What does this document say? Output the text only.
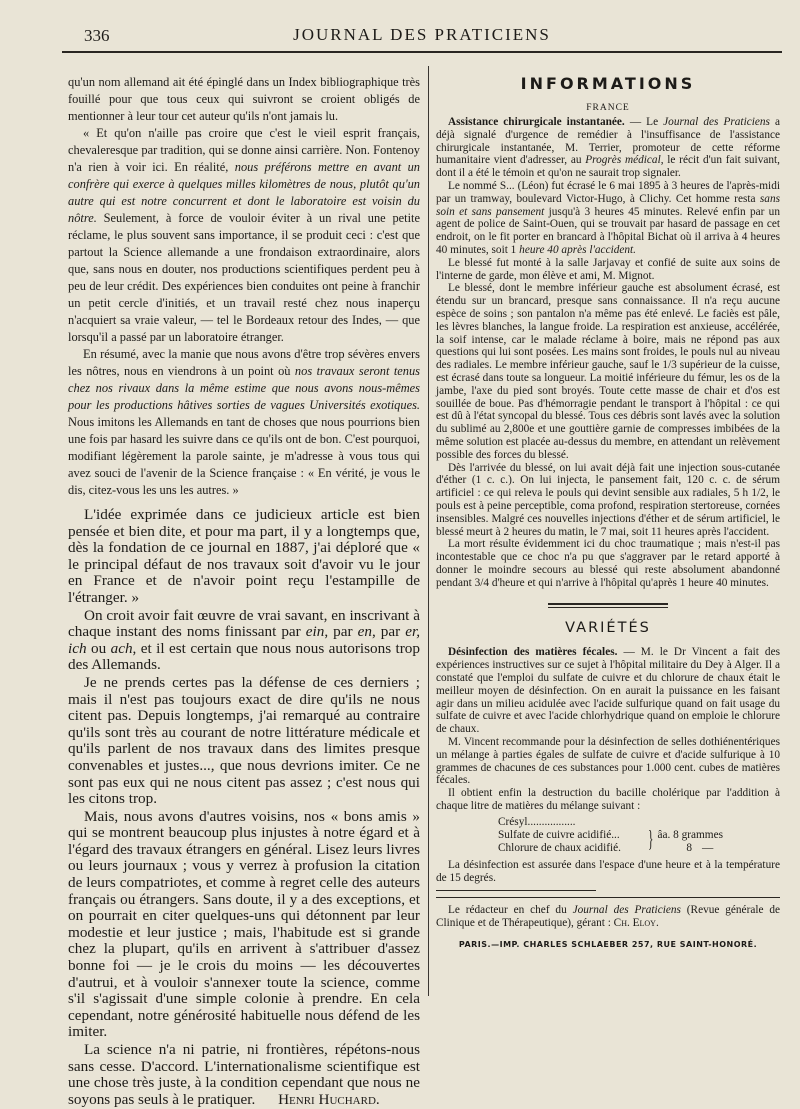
336	JOURNAL DES PRATICIENS

qu'un nom allemand ait été épinglé dans un Index bibliographique très fouillé pour que tous ceux qui suivront se croient obligés de mentionner à leur tour cet auteur qu'ils n'ont jamais lu.

« Et qu'on n'aille pas croire que c'est le vieil esprit français, chevaleresque par tradition, qui se donne ainsi carrière. Non. Fontenoy n'a rien à voir ici. En réalité, nous préférons mettre en avant un confrère qui exerce à quelques milles kilomètres de nous, plutôt qu'un autre qui est notre concurrent et dont le laboratoire est voisin du nôtre. Seulement, à force de vouloir éviter à un rival une petite réclame, le plus souvent sans importance, il se produit ceci : c'est que partout la Science allemande a une frondaison extraordinaire, alors que, sans nous en douter, nos productions scientifiques perdent peu à peu de leur crédit. Des expériences bien conduites ont peine à franchir un petit cercle d'initiés, et un travail resté chez nous inaperçu n'acquiert sa vraie valeur, — tel le Bordeaux retour des Indes, — que lorsqu'il a passé par un laboratoire étranger.

En résumé, avec la manie que nous avons d'être trop sévères envers les nôtres, nous en viendrons à un point où nos travaux seront tenus chez nos rivaux dans la même estime que nous avons nous-mêmes pour les productions hâtives sorties de vagues Universités exotiques. Nous imitons les Allemands en tant de choses que nous pourrions bien une fois par hasard les suivre dans ce qu'ils ont de bon. C'est pourquoi, modifiant légèrement la parole sainte, je m'adresse à vous tous qui avez souci de l'avenir de la Science française : « En vérité, je vous le dis, citez-vous les uns les autres. »

L'idée exprimée dans ce judicieux article est bien pensée et bien dite, et pour ma part, il y a longtemps que, dès la fondation de ce journal en 1887, j'ai déploré que « le principal défaut de nos travaux soit d'avoir vu le jour en France et de n'avoir point reçu l'estampille de l'étranger. »

On croit avoir fait œuvre de vrai savant, en inscrivant à chaque instant des noms finissant par ein, par en, par er, ich ou ach, et il est certain que nous nous autorisons trop des Allemands.

Je ne prends certes pas la défense de ces derniers ; mais il n'est pas toujours exact de dire qu'ils ne nous citent pas. Depuis longtemps, j'ai remarqué au contraire qu'ils sont très au courant de notre littérature médicale et qu'ils parlent de nos travaux dans des limites presque convenables et justes..., que nous devrions imiter. Ce ne sont pas eux qui ne nous citent pas assez ; c'est nous qui les citons trop.

Mais, nous avons d'autres voisins, nos « bons amis » qui se montrent beaucoup plus injustes à notre égard et à l'égard des travaux étrangers en général. Lisez leurs livres ou leurs journaux ; vous y verrez à profusion la citation de leurs compatriotes, et comme à regret celle des auteurs français ou étrangers. Sans doute, il y a des exceptions, et on pourrait en citer quelques-uns qui détonnent par leur modestie et leur justice ; mais, l'habitude est si grande chez la plupart, qu'ils en arrivent à s'attribuer d'assez bonne foi — je le crois du moins — les découvertes d'autrui, et à vouloir s'annexer toute la science, comme s'il s'agissait d'une simple colonie à prendre. En cela cependant, notre générosité habituelle nous défend de les imiter.

La science n'a ni patrie, ni frontières, répétons-nous sans cesse. D'accord. L'internationalisme scientifique est une chose très juste, à la condition cependant que nous ne soyons pas seuls à le pratiquer. Henri Huchard.

INFORMATIONS
FRANCE

Assistance chirurgicale instantanée. — Le Journal des Praticiens a déjà signalé d'urgence de remédier à l'insuffisance de l'assistance chirurgicale instantanée, M. Terrier, promoteur de cette réforme humanitaire vient d'adresser, au Progrès médical, le récit d'un fait suivant, dont il a été le témoin et qu'on ne saurait trop signaler.

Le nommé S... (Léon) fut écrasé le 6 mai 1895 à 3 heures de l'après-midi par un tramway, boulevard Victor-Hugo, à Clichy. Cet homme resta sans soin et sans pansement jusqu'à 3 heures 45 minutes. Relevé enfin par un agent de police de Saint-Ouen, qui se trouvait par hasard de passage en cet endroit, on le fit porter en brancard à l'hôpital Bichat où il arriva à 4 heures 40 minutes, soit 1 heure 40 après l'accident.

Le blessé fut monté à la salle Jarjavay et confié de suite aux soins de l'interne de garde, mon élève et ami, M. Mignot.

Le blessé, dont le membre inférieur gauche est absolument écrasé, est étendu sur un brancard, presque sans connaissance. Il n'a reçu aucune espèce de soins ; son pantalon n'a même pas été enlevé. Le faciès est pâle, les lèvres blanches, la langue froide. La respiration est anxieuse, accélérée, la soif intense, car le malade réclame à boire, mais ne répond pas aux questions qui lui sont posées. Les mains sont froides, le pouls nul au niveau des radiales. Le membre inférieur gauche, sauf le 1/3 supérieur de la cuisse, est écrasé dans toute sa longueur. La moitié inférieure du fémur, les os de la jambe, l'axe du pied sont broyés. Toute cette masse de chair et d'os est souillée de boue. Pas d'hémorragie pendant le transport à l'hôpital : ce qui est dû à l'état syncopal du blessé. Tous ces débris sont lavés avec la solution du sublimé au 2,800e et une gouttière garnie de compresses imbibées de la même solution est placée au-dessus du membre, en attendant un relèvement possible des forces du blessé.

Dès l'arrivée du blessé, on lui avait déjà fait une injection sous-cutanée d'éther (1 c. c.). On lui injecta, le pansement fait, 120 c. c. de sérum artificiel : ce qui releva le pouls qui devint sensible aux radiales, 5 h 1/2, le pouls est à peine perceptible, coma profond, respiration stertoreuse, cornées insensibles. Malgré ces nouvelles injections d'éther et de sérum artificiel, le blessé meurt à 2 heures du matin, le 7 mai, soit 11 heures après l'accident.

La mort résulte évidemment ici du choc traumatique ; mais n'est-il pas incontestable que ce choc n'a pu que s'aggraver par le retard apporté à donner le moindre secours au blessé qui reste absolument abandonné pendant 3/4 d'heure et qui n'arrive à l'hôpital qu'après 1 heure 40 minutes.

VARIÉTÉS

Désinfection des matières fécales. — M. le Dr Vincent a fait des expériences instructives sur ce sujet à l'hôpital militaire du Dey à Alger. Il a constaté que l'emploi du sulfate de cuivre et du chlorure de chaux était le meilleur moyen de désinfection. On en aurait la puissance en les faisant agir dans un milieu acidulée avec l'acide sulfurique quand on fait usage du sulfate de cuivre et avec l'acide chlorhydrique quand on emploie le chlorure de chaux.

M. Vincent recommande pour la désinfection de selles dothiénentériques un mélange à parties égales de sulfate de cuivre et d'acide sulfurique à 10 grammes de chacunes de ces substances pour 1.000 cent. cubes de matières fécales.

Il obtient enfin la destruction du bacille cholérique par l'addition à chaque litre de matières du mélange suivant :

Crésyl.................
Sulfate de cuivre acidifié...	} âa. 8 grammes
Chlorure de chaux acidifié.	8 —

La désinfection est assurée dans l'espace d'une heure et à la température de 15 degrés.

Le rédacteur en chef du Journal des Praticiens (Revue générale de Clinique et de Thérapeutique), gérant : Ch. Eloy.

PARIS.—IMP. CHARLES SCHLAEBER 257, RUE SAINT-HONORÉ.
